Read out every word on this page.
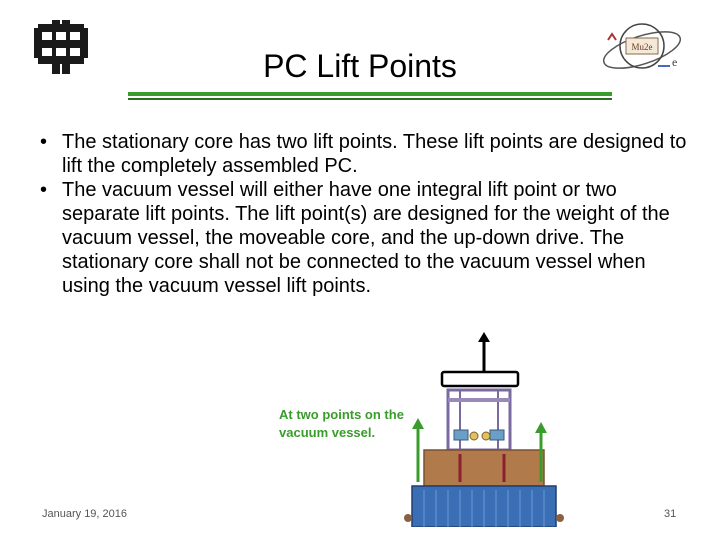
Mu2e
e
PC Lift Points
• The stationary core has two lift points. These lift points are designed to lift the completely assembled PC.
• The vacuum vessel will either have one integral lift point or two separate lift points. The lift point(s) are designed for the weight of the vacuum vessel, the moveable core, and the up-down drive. The stationary core shall not be connected to the vacuum vessel when using the vacuum vessel lift points.
At two points on the vacuum vessel.
January 19, 2016	31
